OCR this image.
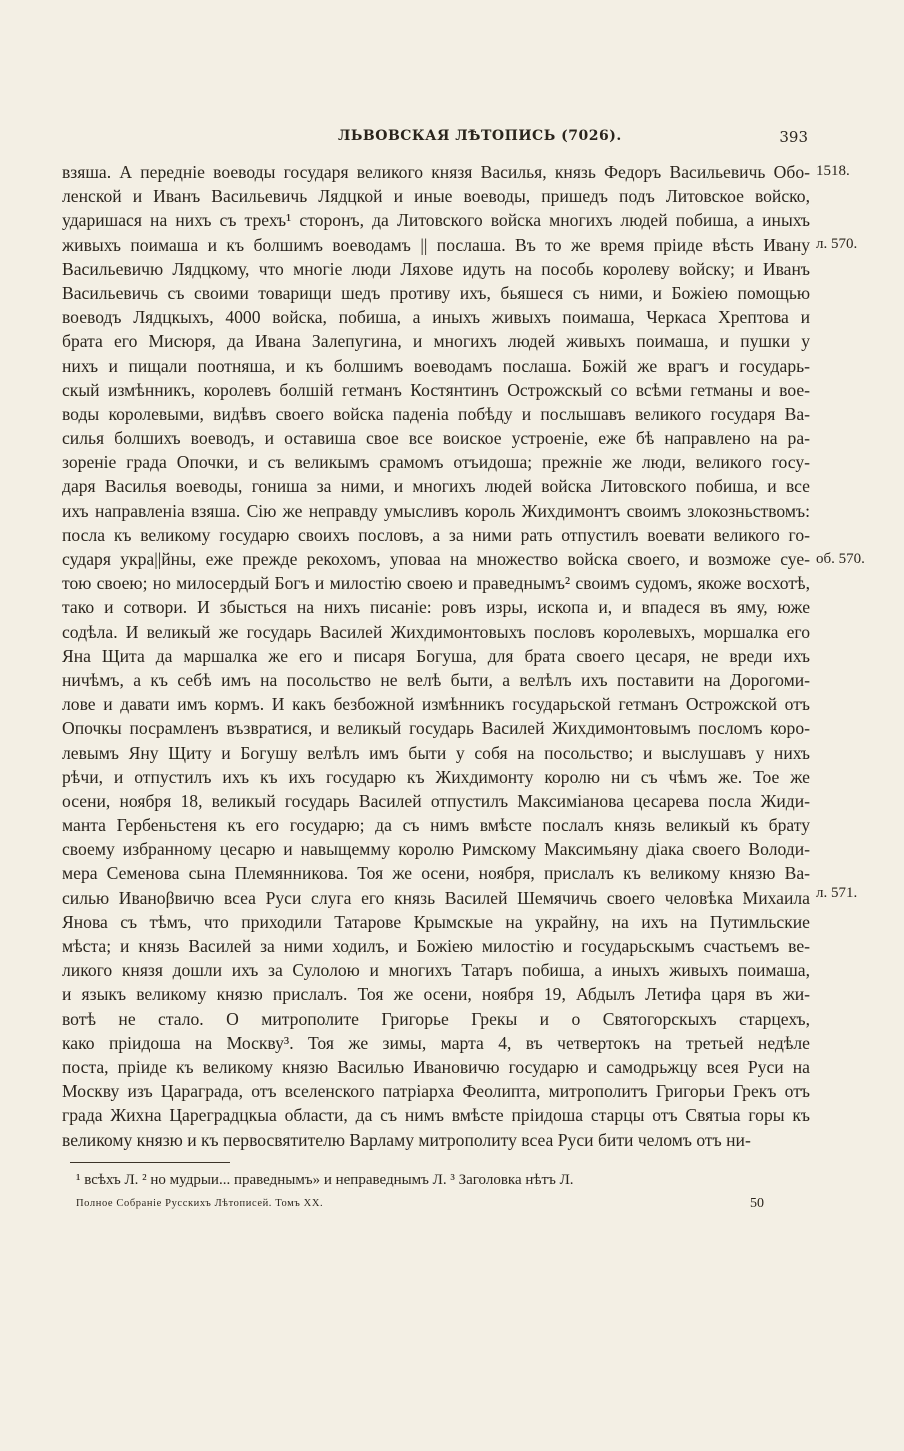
ЛЬВОВСКАЯ ЛѢТОПИСЬ (7026).	393
взяша. А передніе воеводы государя великого князя Василья, князь Федоръ Васильевичь Обо-
ленской и Иванъ Васильевичь Лядцкой и иные воеводы, пришедъ подъ Литовское войско,
ударишася на нихъ съ трехъ¹ сторонъ, да Литовского войска многихъ людей побиша, а иныхъ
живыхъ поимаша и къ болшимъ воеводамъ || послаша. Въ то же время пріиде вѣсть Ивану
Васильевичю Лядцкому, что многіе люди Ляхове идуть на пособь королеву войску; и Иванъ
Васильевичь съ своими товарищи шедъ противу ихъ, бьяшеся съ ними, и Божіею помощью
воеводъ Лядцкыхъ, 4000 войска, побиша, а иныхъ живыхъ поимаша, Черкаса Хрептова и
брата его Мисюря, да Ивана Залепугина, и многихъ людей живыхъ поимаша, и пушки у
нихъ и пищали поотняша, и къ болшимъ воеводамъ послаша. Божій же врагъ и государь-
скый измѣнникъ, королевъ болшій гетманъ Костянтинъ Острожскый со всѣми гетманы и вое-
воды королевыми, видѣвъ своего войска паденіа побѣду и послышавъ великого государя Ва-
силья болшихъ воеводъ, и оставиша свое все воиское устроеніе, еже бѣ направлено на ра-
зореніе града Опочки, и съ великымъ срамомъ отъидоша; прежніе же люди, великого госу-
даря Василья воеводы, гониша за ними, и многихъ людей войска Литовского побиша, и все
ихъ направленіа взяша. Сію же неправду умысливъ король Жихдимонтъ своимъ злокозньствомъ:
посла къ великому государю своихъ пословъ, а за ними рать отпустилъ воевати великого го-
сударя укра||йны, еже прежде рекохомъ, уповаа на множество войска своего, и возможе суе-
тою своею; но милосердый Богъ и милостію своею и праведнымъ² своимъ судомъ, якоже восхотѣ,
тако и сотвори. И збысться на нихъ писаніе: ровъ изры, ископа и, и впадеся въ яму, юже
содѣла. И великый же государь Василей Жихдимонтовыхъ пословъ королевыхъ, моршалка его
Яна Щита да маршалка же его и писаря Богуша, для брата своего цесаря, не вреди ихъ
ничѣмъ, а къ себѣ имъ на посольство не велѣ быти, а велѣлъ ихъ поставити на Дорогоми-
лове и давати имъ кормъ. И какъ безбожной измѣнникъ государьской гетманъ Острожской отъ
Опочкы посрамленъ възвратися, и великый государь Василей Жихдимонтовымъ посломъ коро-
левымъ Яну Щиту и Богушу велѣлъ имъ быти у собя на посольство; и выслушавъ у нихъ
рѣчи, и отпустилъ ихъ къ ихъ государю къ Жихдимонту королю ни съ чѣмъ же. Тое же
осени, ноября 18, великый государь Василей отпустилъ Максиміанова цесарева посла Жиди-
манта Гербеньстеня къ его государю; да съ нимъ вмѣсте послалъ князь великый къ брату
своему избранному цесарю и навыщемму королю Римскому Максимьяну діака своего Володи-
мера Семенова сына Племянникова. Тоя же осени, ноября, прислалъ къ великому князю Ва-
силью Иваноβвичю всеа Руси слуга его князь Василей Шемячичь своего человѣка Михаила
Янова съ тѣмъ, что приходили Татарове Крымскые на украйну, на ихъ на Путимльские
мѣста; и князь Василей за ними ходилъ, и Божіею милостію и государьскымъ счастьемъ ве-
ликого князя дошли ихъ за Сулолою и многихъ Татаръ побиша, а иныхъ живыхъ поимаша,
и языкъ великому князю прислалъ. Тоя же осени, ноября 19, Абдылъ Летифа царя въ жи-
вотѣ не стало. О митрополите Григорье Грекы и о Святогорскыхъ старцехъ,
како пріидоша на Москву³. Тоя же зимы, марта 4, въ четвертокъ на третьей недѣле
поста, пріиде къ великому князю Василью Ивановичю государю и самодрьжцу всея Руси на
Москву изъ Цараграда, отъ вселенского патріарха Феолипта, митрополитъ Григорьи Грекъ отъ
града Жихна Цареградцкыа области, да съ нимъ вмѣсте пріидоша старцы отъ Святыа горы къ
великому князю и къ первосвятителю Варламу митрополиту всеа Руси бити челомъ отъ ни-
1518.
л. 570.
об. 570.
л. 571.
¹ всѣхъ Л. ² но мудрыи... праведнымъ» и неправеднымъ Л. ³ Заголовка нѣтъ Л.
Полное Собраніе Русскихъ Лѣтописей. Томъ XX.	50
